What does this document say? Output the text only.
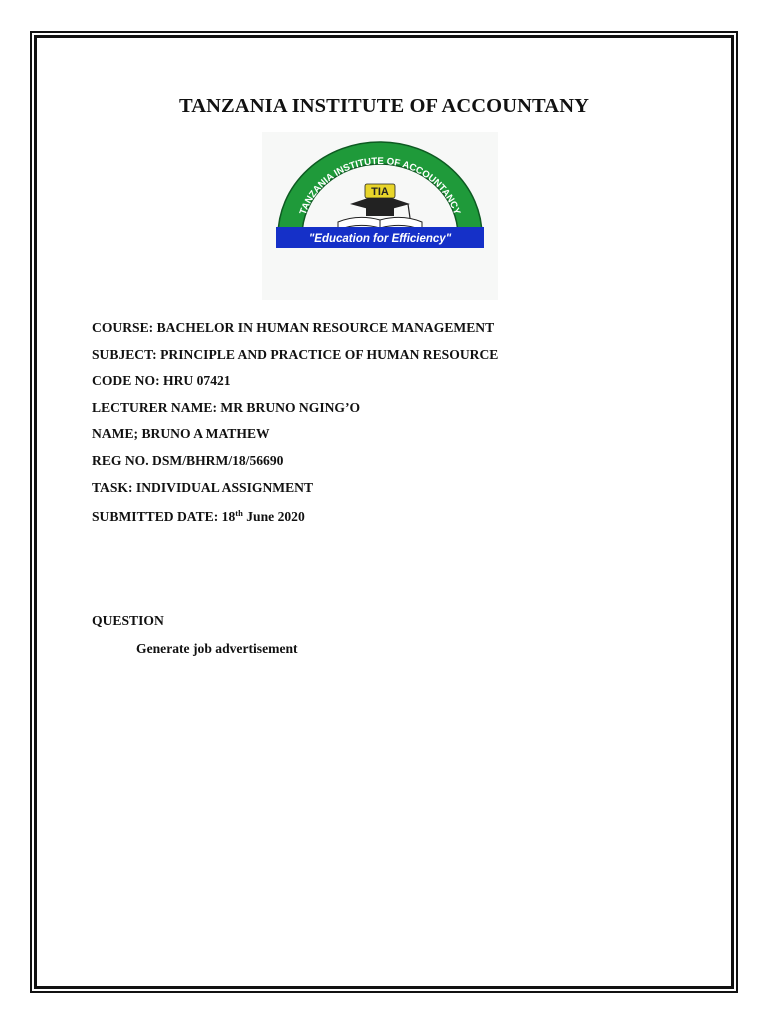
TANZANIA INSTITUTE OF ACCOUNTANY
TANZANIA INSTITUTE OF ACCOUNTANCY
TIA
"Education for Efficiency"
COURSE: BACHELOR IN HUMAN RESOURCE MANAGEMENT
SUBJECT: PRINCIPLE AND PRACTICE OF HUMAN RESOURCE
CODE NO: HRU 07421
LECTURER NAME: MR BRUNO NGING’O
NAME; BRUNO A MATHEW
REG NO. DSM/BHRM/18/56690
TASK: INDIVIDUAL ASSIGNMENT
SUBMITTED DATE: 18th June 2020
QUESTION
Generate job advertisement
